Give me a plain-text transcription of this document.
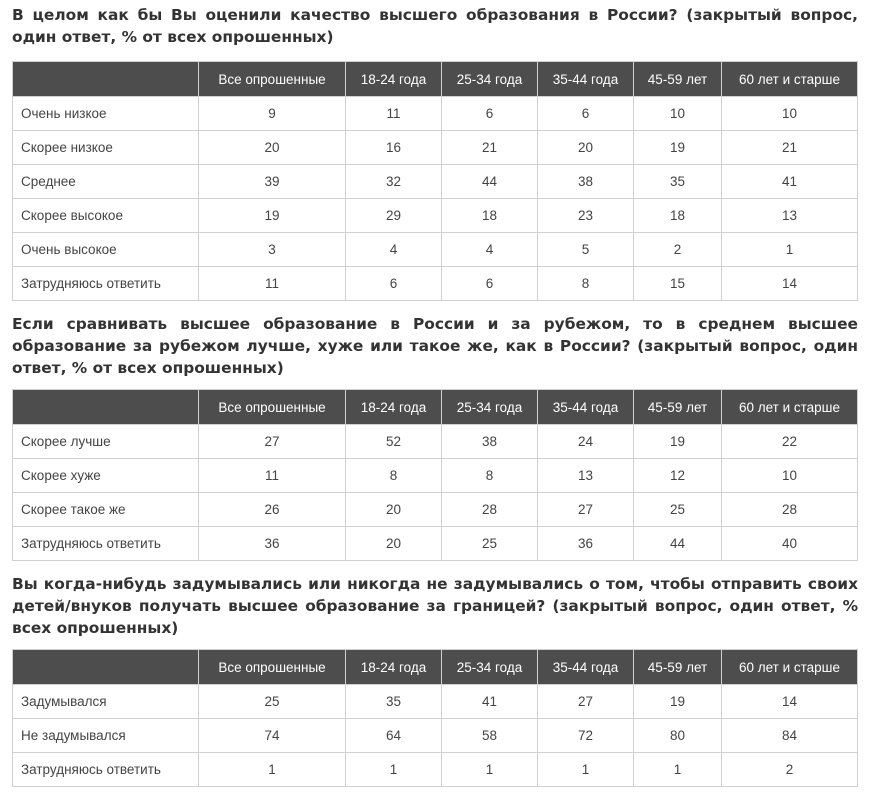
В целом как бы Вы оценили качество высшего образования в России? (закрытый вопрос, один ответ, % от всех опрошенных)

	Все опрошенные	18-24 года	25-34 года	35-44 года	45-59 лет	60 лет и старше
Очень низкое	9	11	6	6	10	10
Скорее низкое	20	16	21	20	19	21
Среднее	39	32	44	38	35	41
Скорее высокое	19	29	18	23	18	13
Очень высокое	3	4	4	5	2	1
Затрудняюсь ответить	11	6	6	8	15	14

Если сравнивать высшее образование в России и за рубежом, то в среднем высшее образование за рубежом лучше, хуже или такое же, как в России? (закрытый вопрос, один ответ, % от всех опрошенных)

	Все опрошенные	18-24 года	25-34 года	35-44 года	45-59 лет	60 лет и старше
Скорее лучше	27	52	38	24	19	22
Скорее хуже	11	8	8	13	12	10
Скорее такое же	26	20	28	27	25	28
Затрудняюсь ответить	36	20	25	36	44	40

Вы когда-нибудь задумывались или никогда не задумывались о том, чтобы отправить своих детей/внуков получать высшее образование за границей? (закрытый вопрос, один ответ, % всех опрошенных)

	Все опрошенные	18-24 года	25-34 года	35-44 года	45-59 лет	60 лет и старше
Задумывался	25	35	41	27	19	14
Не задумывался	74	64	58	72	80	84
Затрудняюсь ответить	1	1	1	1	1	2
